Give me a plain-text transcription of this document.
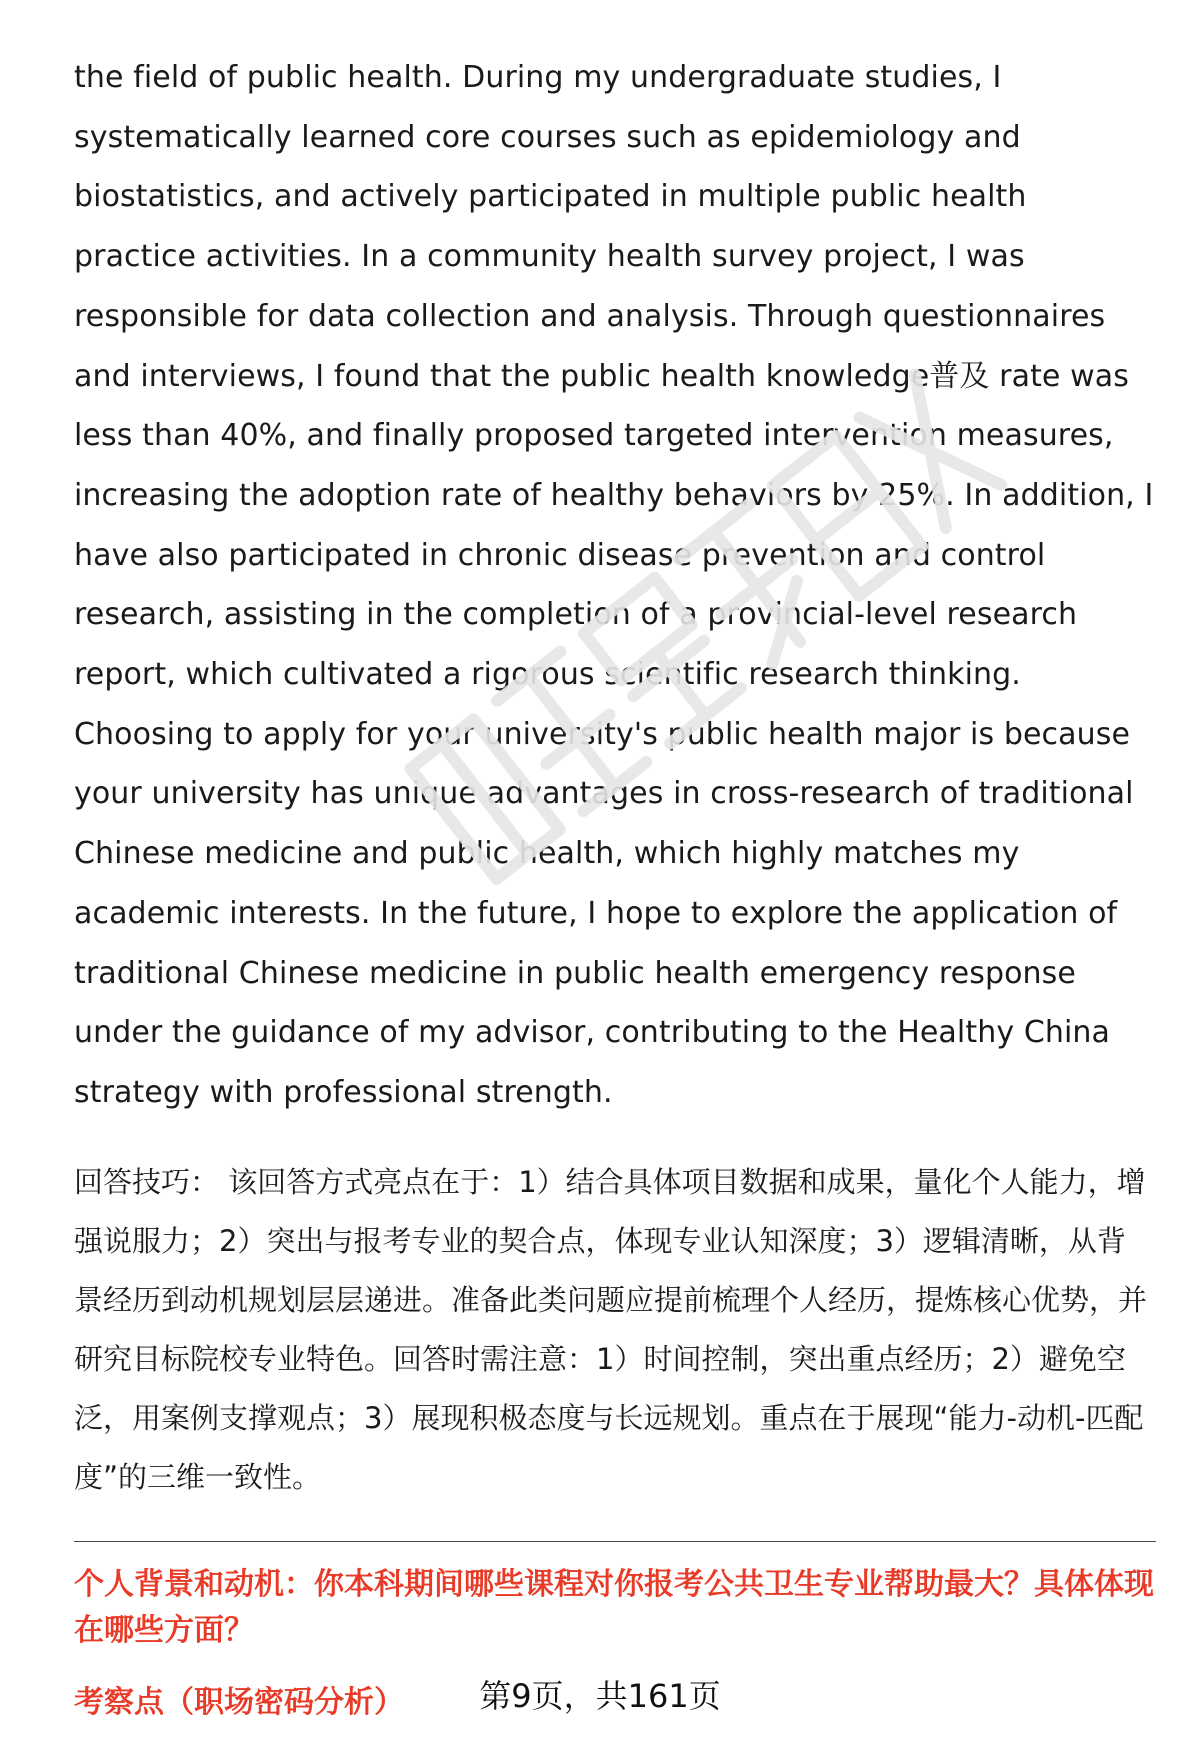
the field of public health. During my undergraduate studies, I systematically learned core courses such as epidemiology and biostatistics, and actively participated in multiple public health practice activities. In a community health survey project, I was responsible for data collection and analysis. Through questionnaires and interviews, I found that the public health knowledge普及 rate was less than 40%, and finally proposed targeted intervention measures, increasing the adoption rate of healthy behaviors by 25%. In addition, I have also participated in chronic disease prevention and control research, assisting in the completion of a provincial-level research report, which cultivated a rigorous scientific research thinking. Choosing to apply for your university's public health major is because your university has unique advantages in cross-research of traditional Chinese medicine and public health, which highly matches my academic interests. In the future, I hope to explore the application of traditional Chinese medicine in public health emergency response under the guidance of my advisor, contributing to the Healthy China strategy with professional strength.

回答技巧： 该回答方式亮点在于：1）结合具体项目数据和成果，量化个人能力，增强说服力；2）突出与报考专业的契合点，体现专业认知深度；3）逻辑清晰，从背景经历到动机规划层层递进。准备此类问题应提前梳理个人经历，提炼核心优势，并研究目标院校专业特色。回答时需注意：1）时间控制，突出重点经历；2）避免空泛，用案例支撑观点；3）展现积极态度与长远规划。重点在于展现“能力-动机-匹配度”的三维一致性。

个人背景和动机：你本科期间哪些课程对你报考公共卫生专业帮助最大？具体体现在哪些方面？
考察点（职场密码分析）	第9页，共161页
